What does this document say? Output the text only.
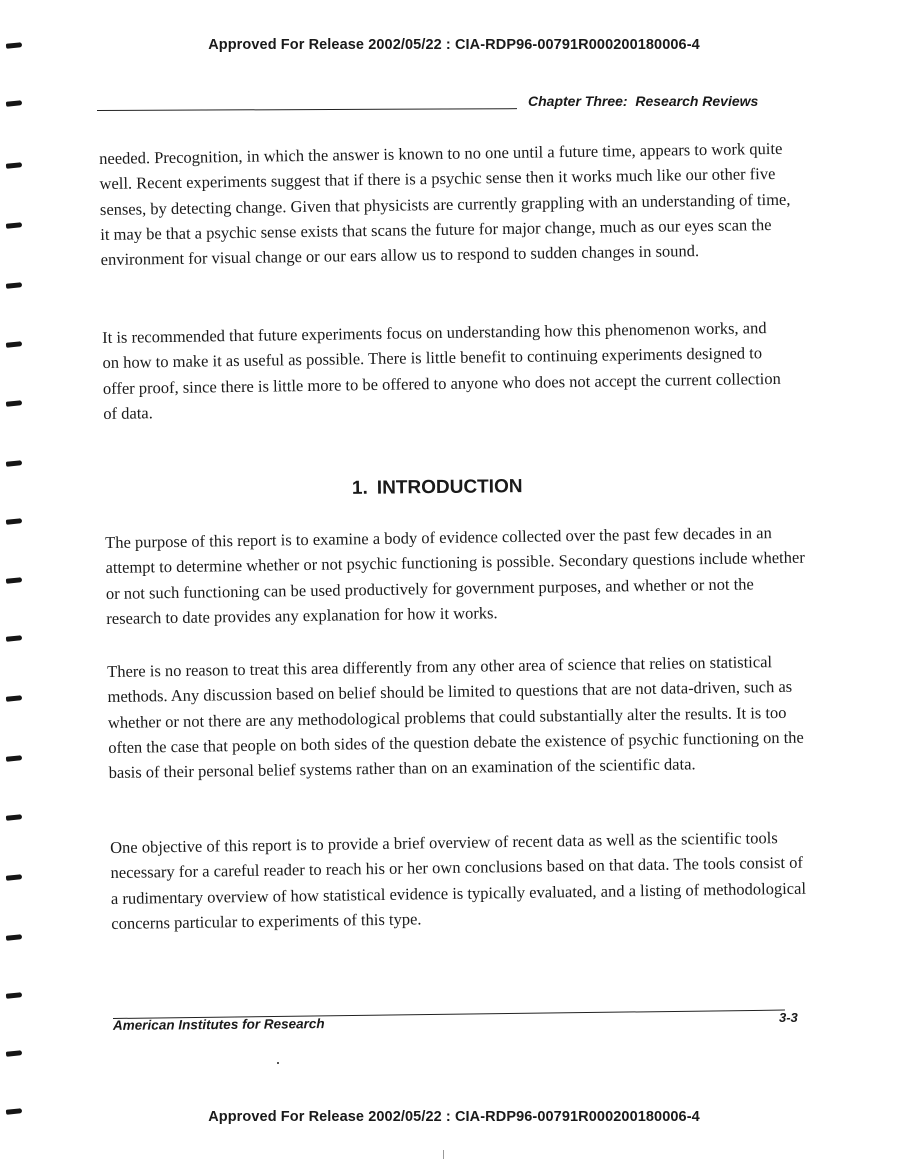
Approved For Release 2002/05/22 : CIA-RDP96-00791R000200180006-4
Chapter Three: Research Reviews

needed. Precognition, in which the answer is known to no one until a future time, appears to work quite well. Recent experiments suggest that if there is a psychic sense then it works much like our other five senses, by detecting change. Given that physicists are currently grappling with an understanding of time, it may be that a psychic sense exists that scans the future for major change, much as our eyes scan the environment for visual change or our ears allow us to respond to sudden changes in sound.

It is recommended that future experiments focus on understanding how this phenomenon works, and on how to make it as useful as possible. There is little benefit to continuing experiments designed to offer proof, since there is little more to be offered to anyone who does not accept the current collection of data.

1. INTRODUCTION

The purpose of this report is to examine a body of evidence collected over the past few decades in an attempt to determine whether or not psychic functioning is possible. Secondary questions include whether or not such functioning can be used productively for government purposes, and whether or not the research to date provides any explanation for how it works.

There is no reason to treat this area differently from any other area of science that relies on statistical methods. Any discussion based on belief should be limited to questions that are not data-driven, such as whether or not there are any methodological problems that could substantially alter the results. It is too often the case that people on both sides of the question debate the existence of psychic functioning on the basis of their personal belief systems rather than on an examination of the scientific data.

One objective of this report is to provide a brief overview of recent data as well as the scientific tools necessary for a careful reader to reach his or her own conclusions based on that data. The tools consist of a rudimentary overview of how statistical evidence is typically evaluated, and a listing of methodological concerns particular to experiments of this type.

American Institutes for Research	3-3
Approved For Release 2002/05/22 : CIA-RDP96-00791R000200180006-4
